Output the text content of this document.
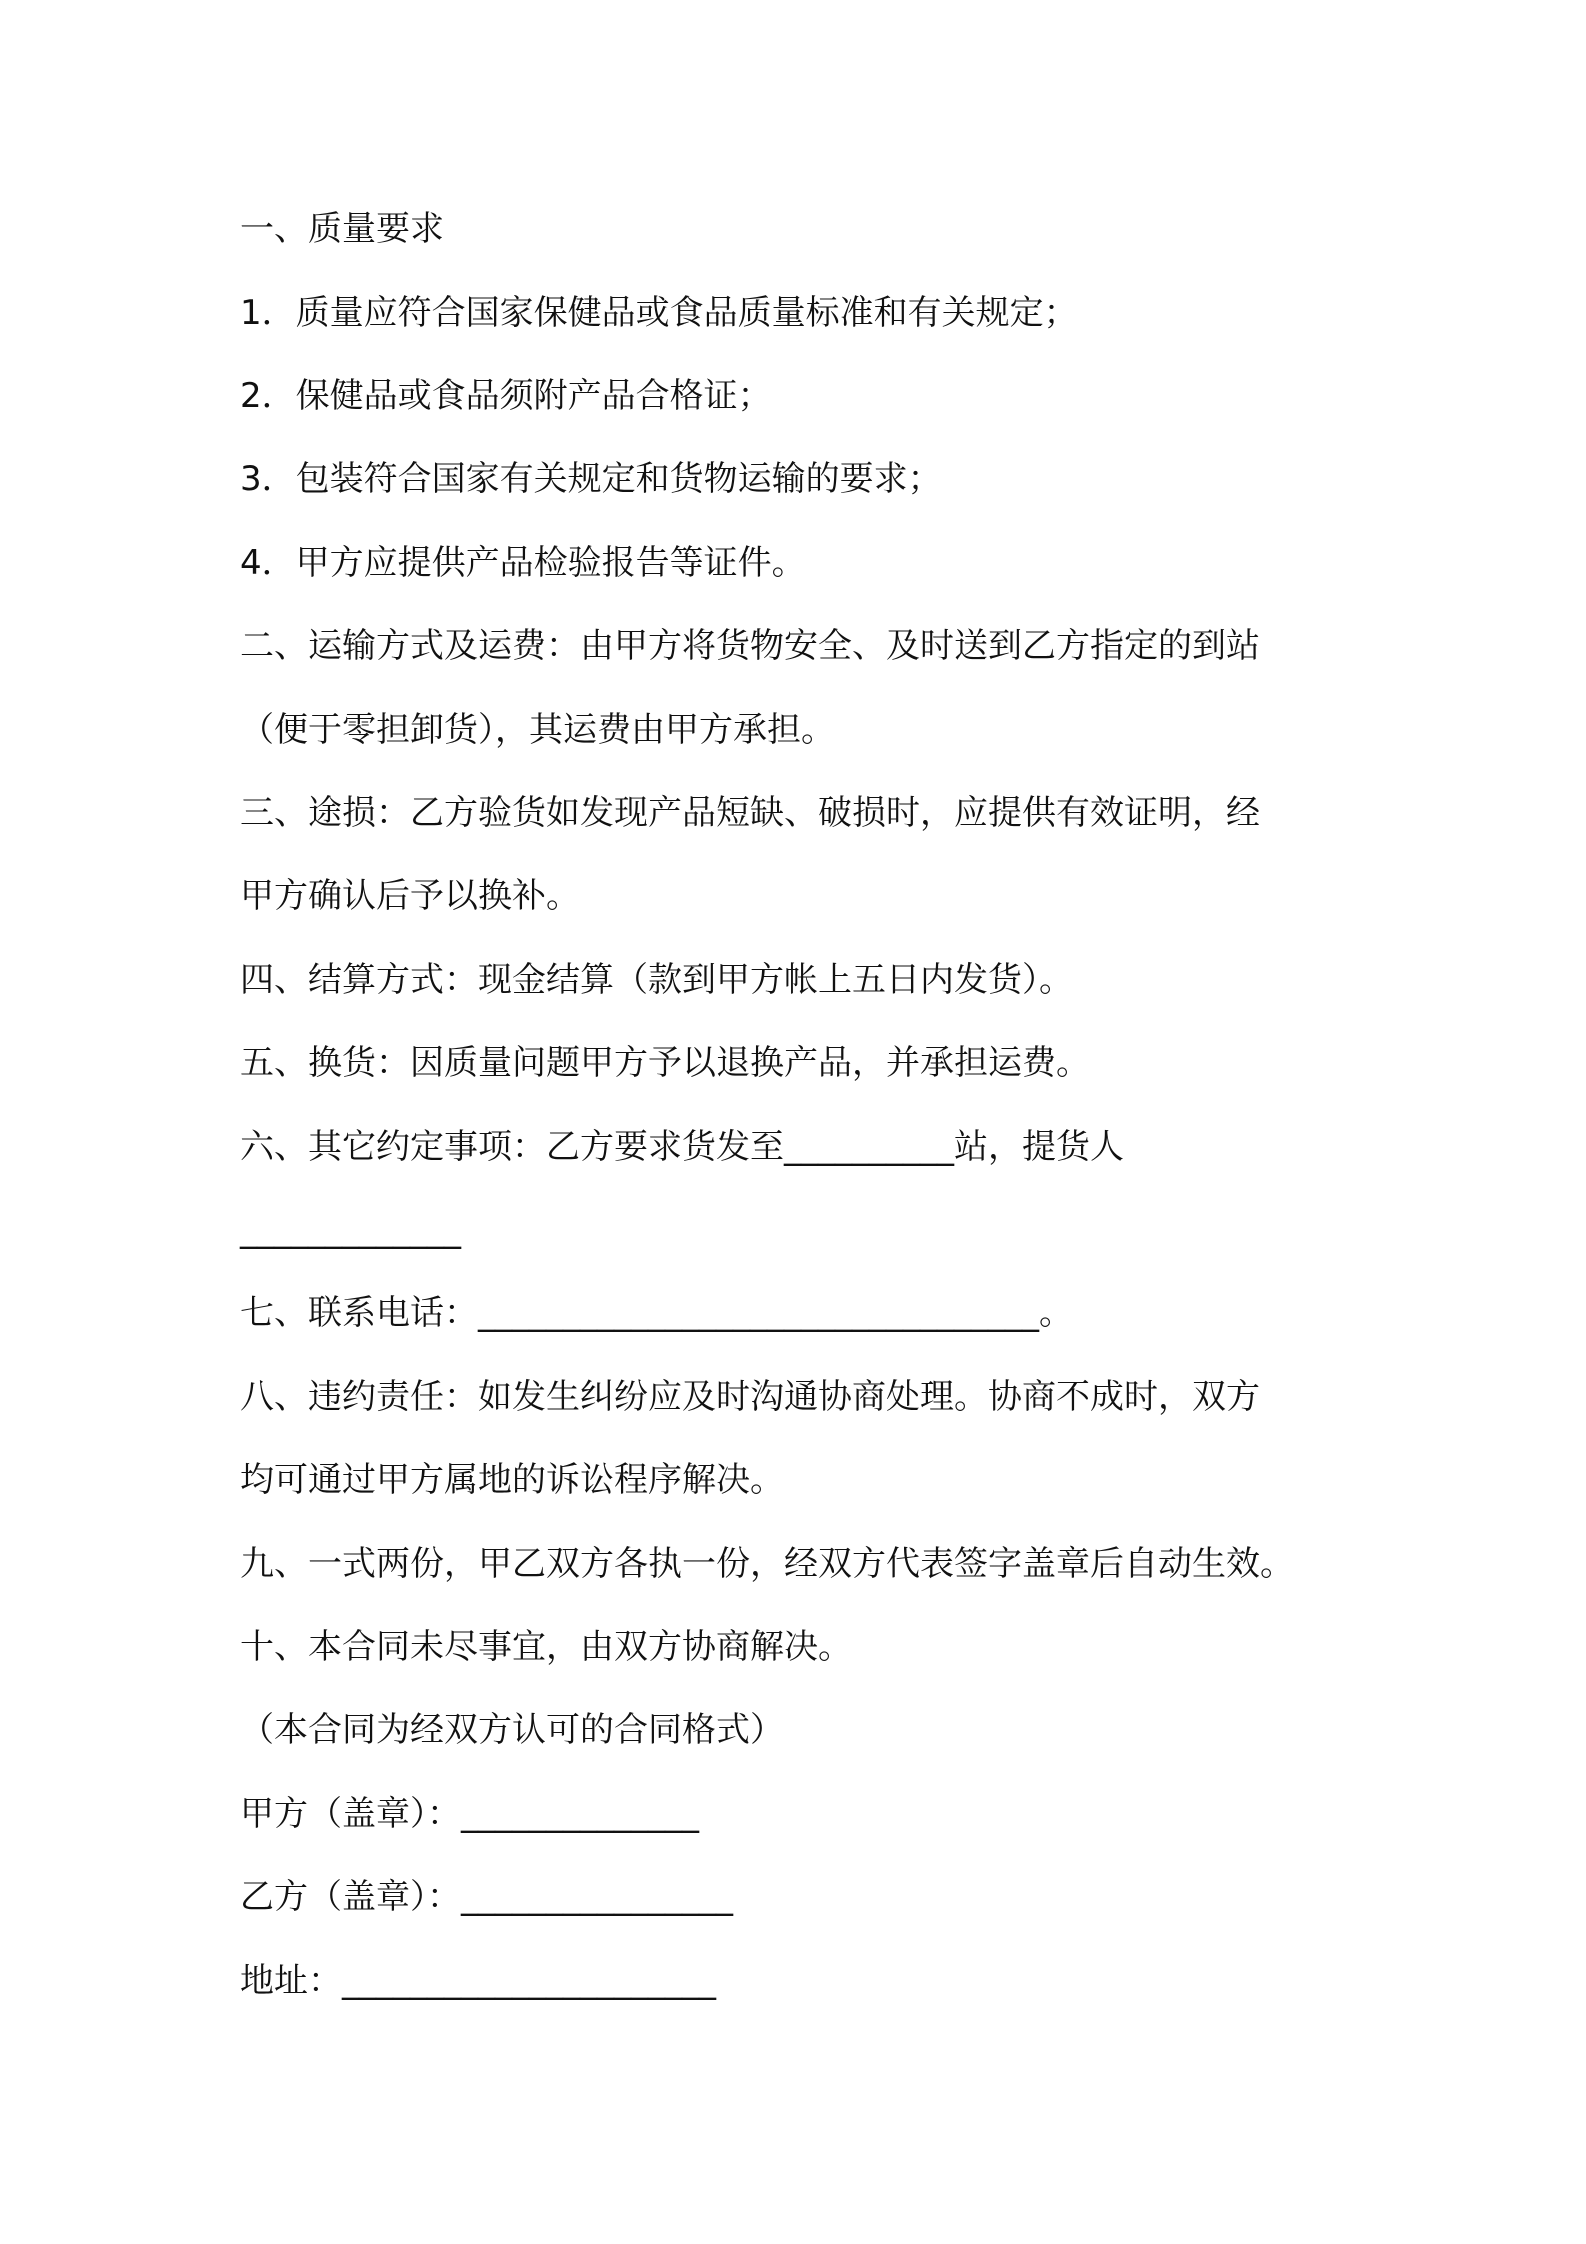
一、质量要求
1．质量应符合国家保健品或食品质量标准和有关规定；
2．保健品或食品须附产品合格证；
3．包装符合国家有关规定和货物运输的要求；
4．甲方应提供产品检验报告等证件。
二、运输方式及运费：由甲方将货物安全、及时送到乙方指定的到站
（便于零担卸货），其运费由甲方承担。
三、途损：乙方验货如发现产品短缺、破损时，应提供有效证明，经
甲方确认后予以换补。
四、结算方式：现金结算（款到甲方帐上五日内发货）。
五、换货：因质量问题甲方予以退换产品，并承担运费。
六、其它约定事项：乙方要求货发至__________站，提货人
_____________
七、联系电话：_________________________________。
八、违约责任：如发生纠纷应及时沟通协商处理。协商不成时，双方
均可通过甲方属地的诉讼程序解决。
九、一式两份，甲乙双方各执一份，经双方代表签字盖章后自动生效。
十、本合同未尽事宜，由双方协商解决。
（本合同为经双方认可的合同格式）
甲方（盖章）：______________
乙方（盖章）：________________
地址：______________________
